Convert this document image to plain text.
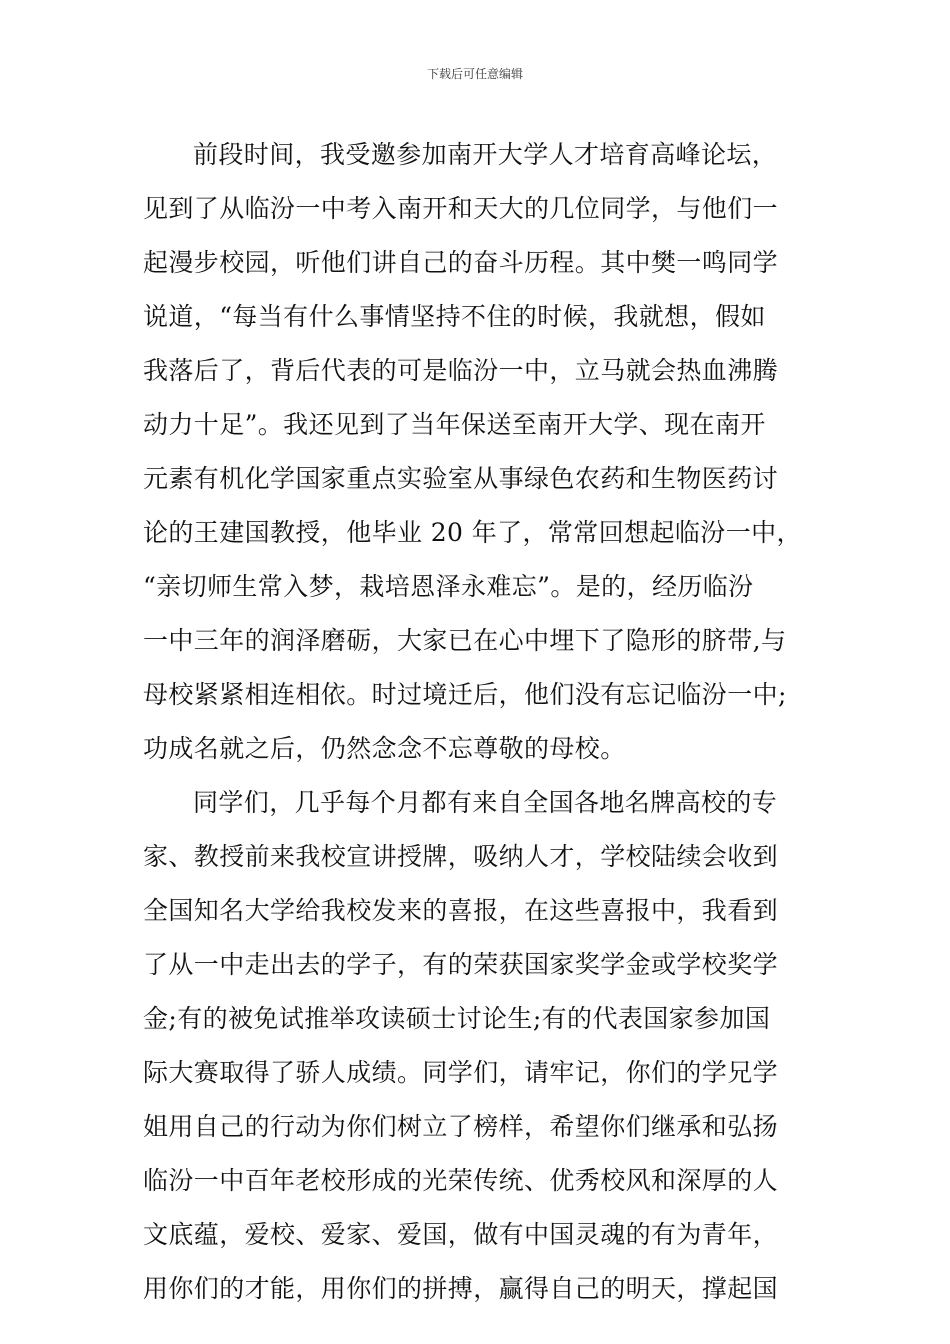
下载后可任意编辑
前段时间，我受邀参加南开大学人才培育高峰论坛，
见到了从临汾一中考入南开和天大的几位同学，与他们一
起漫步校园，听他们讲自己的奋斗历程。其中樊一鸣同学
说道，“每当有什么事情坚持不住的时候，我就想，假如
我落后了，背后代表的可是临汾一中，立马就会热血沸腾
动力十足”。我还见到了当年保送至南开大学、现在南开
元素有机化学国家重点实验室从事绿色农药和生物医药讨
论的王建国教授，他毕业 20 年了，常常回想起临汾一中，
“亲切师生常入梦，栽培恩泽永难忘”。是的，经历临汾
一中三年的润泽磨砺，大家已在心中埋下了隐形的脐带,与
母校紧紧相连相依。时过境迁后，他们没有忘记临汾一中;
功成名就之后，仍然念念不忘尊敬的母校。
同学们，几乎每个月都有来自全国各地名牌高校的专
家、教授前来我校宣讲授牌，吸纳人才，学校陆续会收到
全国知名大学给我校发来的喜报，在这些喜报中，我看到
了从一中走出去的学子，有的荣获国家奖学金或学校奖学
金;有的被免试推举攻读硕士讨论生;有的代表国家参加国
际大赛取得了骄人成绩。同学们，请牢记，你们的学兄学
姐用自己的行动为你们树立了榜样，希望你们继承和弘扬
临汾一中百年老校形成的光荣传统、优秀校风和深厚的人
文底蕴，爱校、爱家、爱国，做有中国灵魂的有为青年，
用你们的才能，用你们的拼搏，赢得自己的明天，撑起国
